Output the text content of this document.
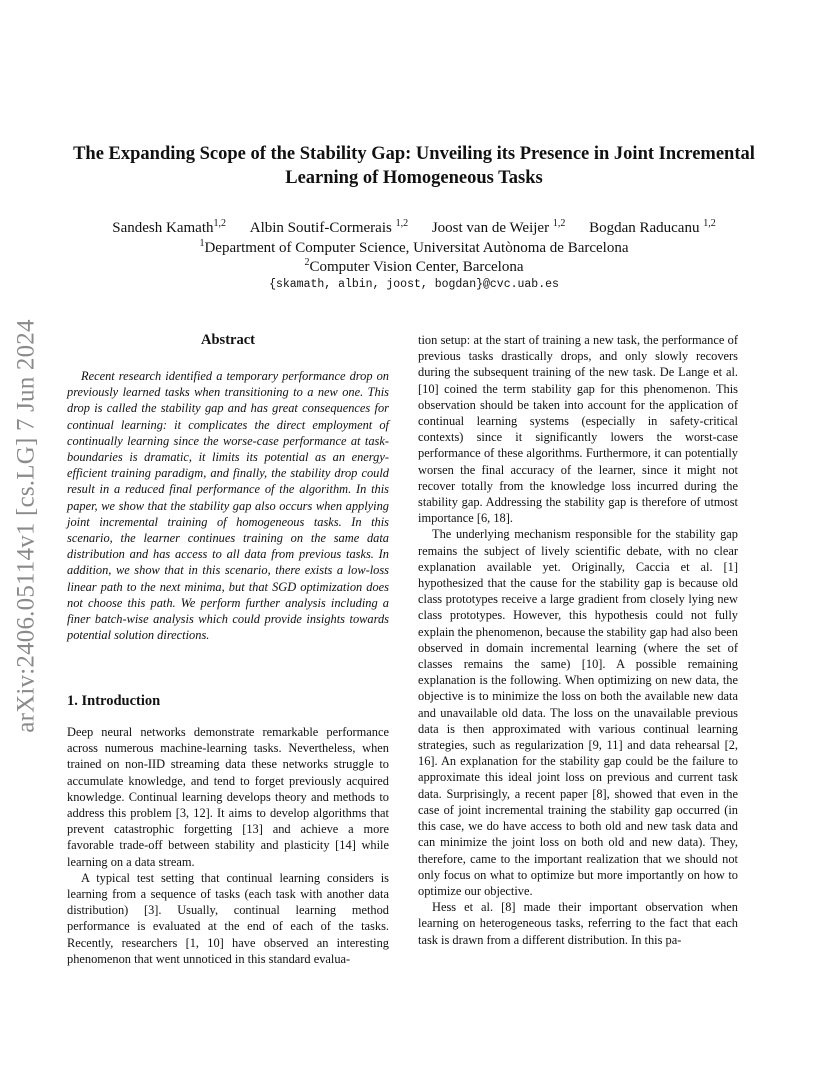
arXiv:2406.05114v1 [cs.LG] 7 Jun 2024
The Expanding Scope of the Stability Gap: Unveiling its Presence in Joint Incremental Learning of Homogeneous Tasks
Sandesh Kamath$^{1,2}$ Albin Soutif-Cormerais $^{1,2}$ Joost van de Weijer $^{1,2}$ Bogdan Raducanu $^{1,2}$
$^1$Department of Computer Science, Universitat Autònoma de Barcelona
$^2$Computer Vision Center, Barcelona
{skamath, albin, joost, bogdan}@cvc.uab.es
Abstract

Recent research identified a temporary performance drop on previously learned tasks when transitioning to a new one. This drop is called the stability gap and has great consequences for continual learning: it complicates the direct employment of continually learning since the worse-case performance at task-boundaries is dramatic, it limits its potential as an energy-efficient training paradigm, and finally, the stability drop could result in a reduced final performance of the algorithm. In this paper, we show that the stability gap also occurs when applying joint incremental training of homogeneous tasks. In this scenario, the learner continues training on the same data distribution and has access to all data from previous tasks. In addition, we show that in this scenario, there exists a low-loss linear path to the next minima, but that SGD optimization does not choose this path. We perform further analysis including a finer batch-wise analysis which could provide insights towards potential solution directions.

1. Introduction

Deep neural networks demonstrate remarkable performance across numerous machine-learning tasks. Nevertheless, when trained on non-IID streaming data these networks struggle to accumulate knowledge, and tend to forget previously acquired knowledge. Continual learning develops theory and methods to address this problem [3, 12]. It aims to develop algorithms that prevent catastrophic forgetting [13] and achieve a more favorable trade-off between stability and plasticity [14] while learning on a data stream.

A typical test setting that continual learning considers is learning from a sequence of tasks (each task with another data distribution) [3]. Usually, continual learning method performance is evaluated at the end of each of the tasks. Recently, researchers [1, 10] have observed an interesting phenomenon that went unnoticed in this standard evalua-

tion setup: at the start of training a new task, the performance of previous tasks drastically drops, and only slowly recovers during the subsequent training of the new task. De Lange et al. [10] coined the term stability gap for this phenomenon. This observation should be taken into account for the application of continual learning systems (especially in safety-critical contexts) since it significantly lowers the worst-case performance of these algorithms. Furthermore, it can potentially worsen the final accuracy of the learner, since it might not recover totally from the knowledge loss incurred during the stability gap. Addressing the stability gap is therefore of utmost importance [6, 18].

The underlying mechanism responsible for the stability gap remains the subject of lively scientific debate, with no clear explanation available yet. Originally, Caccia et al. [1] hypothesized that the cause for the stability gap is because old class prototypes receive a large gradient from closely lying new class prototypes. However, this hypothesis could not fully explain the phenomenon, because the stability gap had also been observed in domain incremental learning (where the set of classes remains the same) [10]. A possible remaining explanation is the following. When optimizing on new data, the objective is to minimize the loss on both the available new data and unavailable old data. The loss on the unavailable previous data is then approximated with various continual learning strategies, such as regularization [9, 11] and data rehearsal [2, 16]. An explanation for the stability gap could be the failure to approximate this ideal joint loss on previous and current task data. Surprisingly, a recent paper [8], showed that even in the case of joint incremental training the stability gap occurred (in this case, we do have access to both old and new task data and can minimize the joint loss on both old and new data). They, therefore, came to the important realization that we should not only focus on what to optimize but more importantly on how to optimize our objective.

Hess et al. [8] made their important observation when learning on heterogeneous tasks, referring to the fact that each task is drawn from a different distribution. In this pa-
